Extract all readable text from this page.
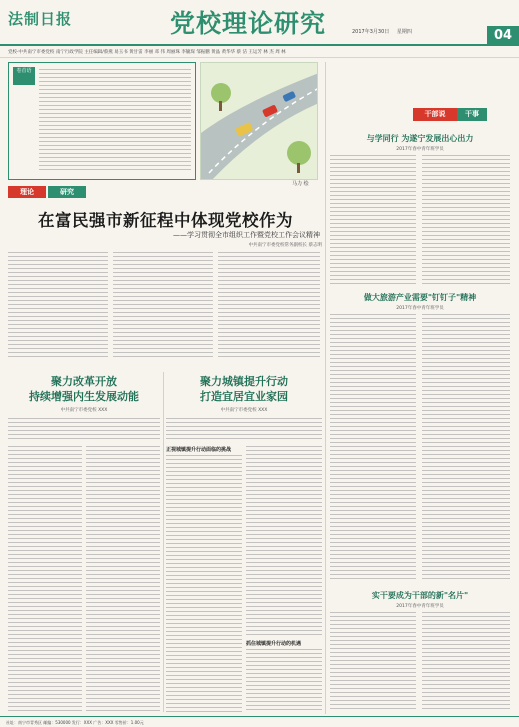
法制日报	党校理论研究	2017年3月30日 星期四	04
党校·中共南宁市委党校 南宁行政学院 主任编辑/蔡燕 易玉书 黄甘雷 李丽 邓 伟 周丽珠 李毓琛 邹振鹏 黄晶 黄华华 蔡 洁 王运芳 林 杰 周 林
卷首语
马力 绘
干部说	干事
与学同行 为遂宁发展出心出力
2017年春中青年班学员
做大旅游产业需要"钉钉子"精神
2017年春中青年班学员
实干要成为干部的新"名片"
2017年春中青年班学员
理论	研究
在富民强市新征程中体现党校作为
——学习贯彻全市组织工作暨党校工作会议精神
中共南宁市委党校常务副校长 蔡志明
聚力改革开放
持续增强内生发展动能
中共南宁市委党校 XXX
聚力城镇提升行动
打造宜居宜业家园
中共南宁市委党校 XXX
正视城镇提升行动面临的挑战
抓住城镇提升行动的机遇
社址：南宁市青秀区 邮编：530000 发行：XXX 广告：XXX 零售价：1.00元
